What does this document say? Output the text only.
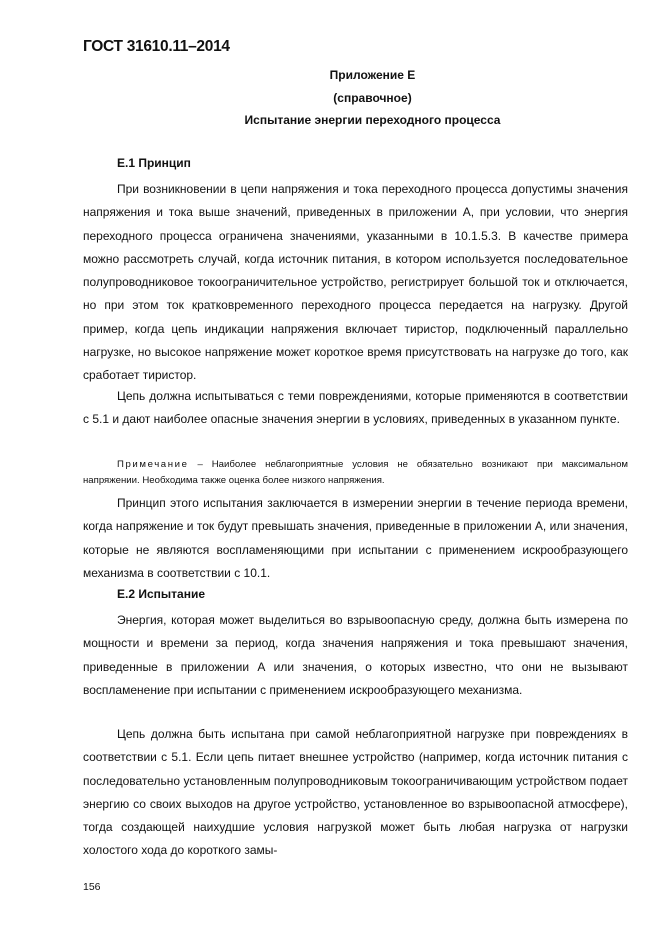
ГОСТ 31610.11–2014
Приложение Е
(справочное)
Испытание энергии переходного процесса
Е.1 Принцип

При возникновении в цепи напряжения и тока переходного процесса допустимы значения напряжения и тока выше значений, приведенных в приложении А, при условии, что энергия переходного процесса ограничена значениями, указанными в 10.1.5.3. В качестве примера можно рассмотреть случай, когда источник питания, в котором используется последовательное полупроводниковое токоограничительное устройство, регистрирует большой ток и отключается, но при этом ток кратковременного переходного процесса передается на нагрузку. Другой пример, когда цепь индикации напряжения включает тиристор, подключенный параллельно нагрузке, но высокое напряжение может короткое время присутствовать на нагрузке до того, как сработает тиристор.

Цепь должна испытываться с теми повреждениями, которые применяются в соответствии с 5.1 и дают наиболее опасные значения энергии в условиях, приведенных в указанном пункте.

Примечание – Наиболее неблагоприятные условия не обязательно возникают при максимальном напряжении. Необходима также оценка более низкого напряжения.

Принцип этого испытания заключается в измерении энергии в течение периода времени, когда напряжение и ток будут превышать значения, приведенные в приложении А, или значения, которые не являются воспламеняющими при испытании с применением искрообразующего механизма в соответствии с 10.1.

Е.2 Испытание

Энергия, которая может выделиться во взрывоопасную среду, должна быть измерена по мощности и времени за период, когда значения напряжения и тока превышают значения, приведенные в приложении А или значения, о которых известно, что они не вызывают воспламенение при испытании с применением искрообразующего механизма.

Цепь должна быть испытана при самой неблагоприятной нагрузке при повреждениях в соответствии с 5.1. Если цепь питает внешнее устройство (например, когда источник питания с последовательно установленным полупроводниковым токоограничивающим устройством подает энергию со своих выходов на другое устройство, установленное во взрывоопасной атмосфере), тогда создающей наихудшие условия нагрузкой может быть любая нагрузка от нагрузки холостого хода до короткого замы-

156
